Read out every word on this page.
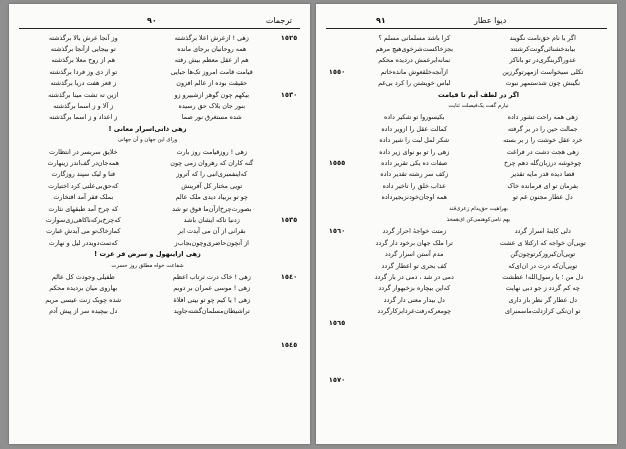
٩٠	ترجمات
١٥٢٥
١٥٣٠
١٥٣٥
١٥٤٠
١٥٤٥
زهی ! ازعرش اعلا برگذشته
وز آنجا عرش بالا برگذشته
همه روحانیان برجای مانده
تو بیجایی ازآنجا برگذشته
هم از عقل معظم بیش رفته
هم از روح معلا برگذشته
قیامت قامت امروز تک‌ها حبایی
تو از دی وز فردا برگذشته
حقیقت بوده از عالم افزون
ز قعر هفت دریا برگذشته
بیکهم چون گوهر ازشبیرو زو
ازین ته تشت مینا برگذشته
بنور جان بلاک حق رسیده
ز آلا و ز اسما برگذشته
شده مستغرق نور صما
ز اعداد و ز اسما برگذشته
زهی ذاتی‌اسرار معانی !
ورای این جهان و آن جهانی
زهی ! روزقیامت روز بارت
خلایق سربسر در انتظارت
گنه کاران که رهروان زمی چون
همه‌جان‌در گف‌اندر زینهارت
که‌اینفمبری‌انبی را که آتروز
فنا و لیک سپند روزگارت
تویی مختار کل آفرینش
که‌حق‌بی‌علتی کرد اختیارت
چو تو بربیاد دیدی ملک عالم
بملک فقر آمد افتخارت
بصورت‌چرخ‌ازآن‌ما فوق تو شد
که چرخ آمد طبقهای نثارت
زدنیا تاکه ایشان باشد
که‌چرخ‌بزکه‌ناکاهی‌زی‌سوارت
بقرانی از آن می آیدت ابر
کمازخاک‌تو می آیدش غبارت
از آنچون‌حاضری‌وچون‌بجاب‌ز
که‌تمت‌دوید‌در لیل و نهارت
زهی ازاینهول و سرض فر عرت !
شفاعت خواه مطلق روز حسرت
زهی ! خاک درت ترتاب اعظم
طفیلی وجودت کل عالم
زهی ! موسی عمران بر دوبم
بهاروی میان بردیده محکم
زهی ! یا کیم چو تو بیتی افلاة
شده چوبک زنت عیسی مریم
تراشیطان‌مسلمان‌گشته‌جاوید
دل بیچیده سر از پیش آدم
٩١	دیوا عطار
١٥٥٠
١٥٥٥
١٥٦٠
١٥٦٥
١٥٧٠
اگر با نام حق‌نامت نگویند
کرا باشد مسلمانی مسلم ؟
بیابدخشنائی‌گونت‌کرشتند
بجز‌خا‌کست‌شرخوی‌هیچ مرهم
عدو‌را‌گر‌بنگری‌در تو باناکر
نمانه‌ابرعمش دردیده محکم
تکلی سیخواست از‌مهر‌تو‌گر‌زین
از‌آنجه‌خلقعوش مانده‌خاتم
نگینش چون شدستمهر نبوت
لباس خویشتن را کرد بی‌غم
اگر در لطف آیم تا قیامت
نیارم گفت یک‌فیصلت ثنایت
زهی همه راحت تشور داده
بکیسوروا تو شکیر داده
جمالت حین را در بر گرفته
کمالت عقل را ازویر داده
خرد عقل خوشت را ز بر بسته
شکر لمل لبت را شیر داده
زهی هجت دشت در فراغت
زهی را تو بو نوای زیر داده
چوخوشه‌ در‌زبان‌گله‌ دهم‌ چرخ
صفات ده یکی تقریر داده
قضا دیده قدر مایه تقدیر
زکف سر رشته تقدیر داده
بفرمان تو ای فرمانده خاک
عذاب خلق را تاخیر داده
دل عطار مجنون غم تو
همه اوجان‌خودنزبجیرداده
بهر‌اهیت‌ حق‌یدام ز‌عری‌قند
بهم نامی‌کوهنمی‌کن‌ ای‌همخذ
دلی کاینۀ اسرار گردد
زمتت خواجۀ احرار گردد
تویی‌آن‌ خواجه‌ که‌ ارکتلا‌ ی‌ عشت
ترا ملک جهان برخود دار گردد
تویی‌آن‌کبر‌وز‌کرتو‌چون‌گن
مدم آستن اسرار گردد
تویی‌آن‌که‌ درت‌‌ در‌ ان‌ای‌که‌
کف بحری تو اعطار گردد
دل من ؛ یا رسول‌الله‌! عطشت
دمی در شد ، دمی در بار گردد
چه کم‌ گردد ز‌ جو‌ دبی‌ نهایت
که‌این بیچاره بزخبهوار گردد
دل عطار گر نظر باز داری
دل بیدار معنی دار گردد
تو‌ ان‌‌نکی‌ ‌کراز‌دلت‌‌ما‌سمنر‌ای‌
چو‌معرکه‌رفت‌عردا‌برکار‌گردد
